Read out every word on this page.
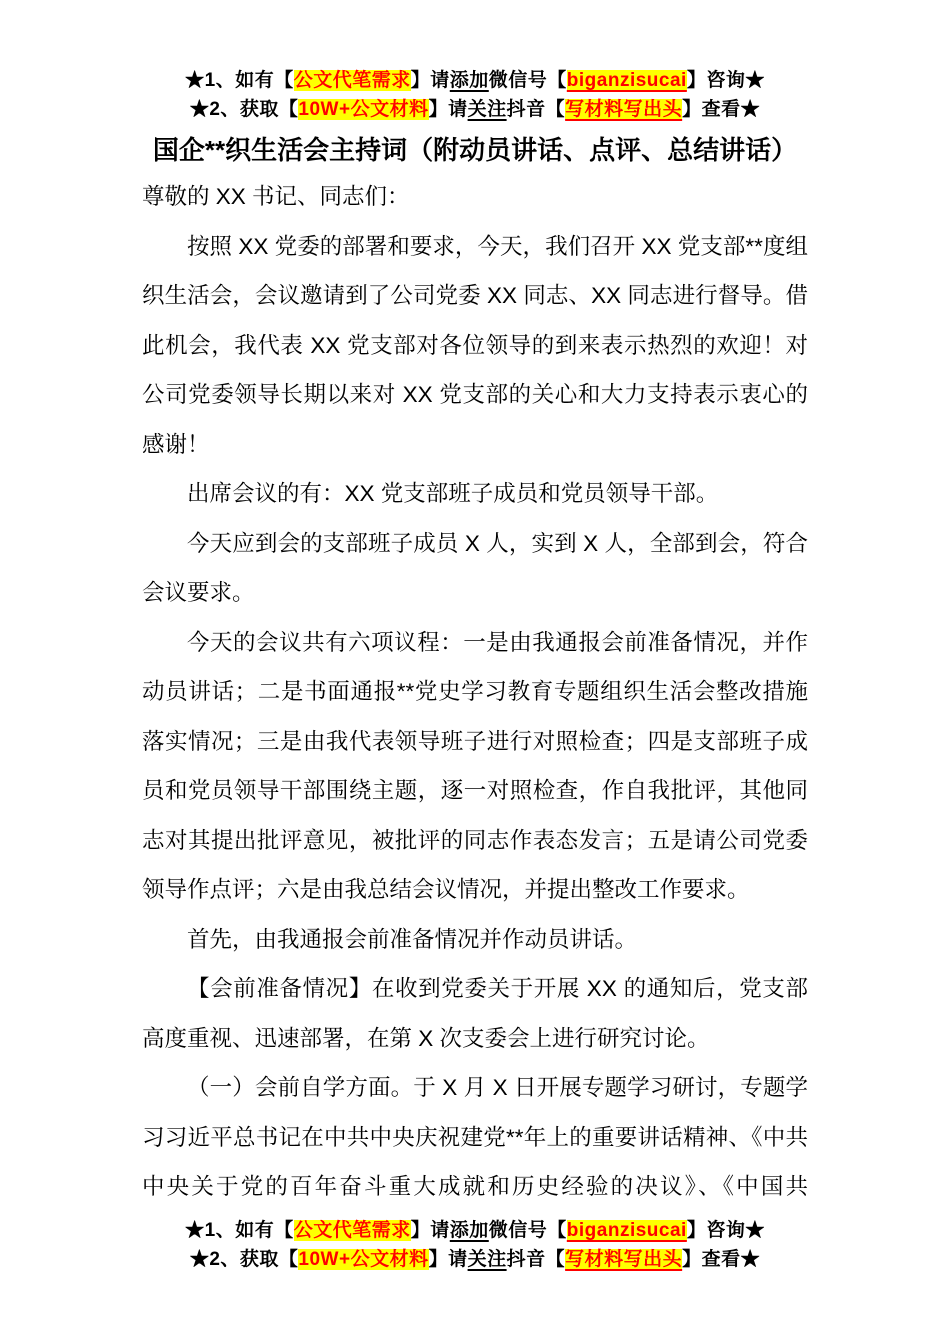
★1、如有【公文代笔需求】请添加微信号【biganzisucai】咨询★
★2、获取【10W+公文材料】请关注抖音【写材料写出头】查看★
国企**织生活会主持词（附动员讲话、点评、总结讲话）

尊敬的 XX 书记、同志们：

按照 XX 党委的部署和要求，今天，我们召开 XX 党支部**度组织生活会，会议邀请到了公司党委 XX 同志、XX 同志进行督导。借此机会，我代表 XX 党支部对各位领导的到来表示热烈的欢迎！对公司党委领导长期以来对 XX 党支部的关心和大力支持表示衷心的感谢！

出席会议的有：XX 党支部班子成员和党员领导干部。

今天应到会的支部班子成员 X 人，实到 X 人，全部到会，符合会议要求。

今天的会议共有六项议程：一是由我通报会前准备情况，并作动员讲话；二是书面通报**党史学习教育专题组织生活会整改措施落实情况；三是由我代表领导班子进行对照检查；四是支部班子成员和党员领导干部围绕主题，逐一对照检查，作自我批评，其他同志对其提出批评意见，被批评的同志作表态发言；五是请公司党委领导作点评；六是由我总结会议情况，并提出整改工作要求。

首先，由我通报会前准备情况并作动员讲话。

【会前准备情况】在收到党委关于开展 XX 的通知后，党支部高度重视、迅速部署，在第 X 次支委会上进行研究讨论。

（一）会前自学方面。于 X 月 X 日开展专题学习研讨，专题学习习近平总书记在中共中央庆祝建党**年上的重要讲话精神、《中共中央关于党的百年奋斗重大成就和历史经验的决议》、《中国共

★1、如有【公文代笔需求】请添加微信号【biganzisucai】咨询★
★2、获取【10W+公文材料】请关注抖音【写材料写出头】查看★
